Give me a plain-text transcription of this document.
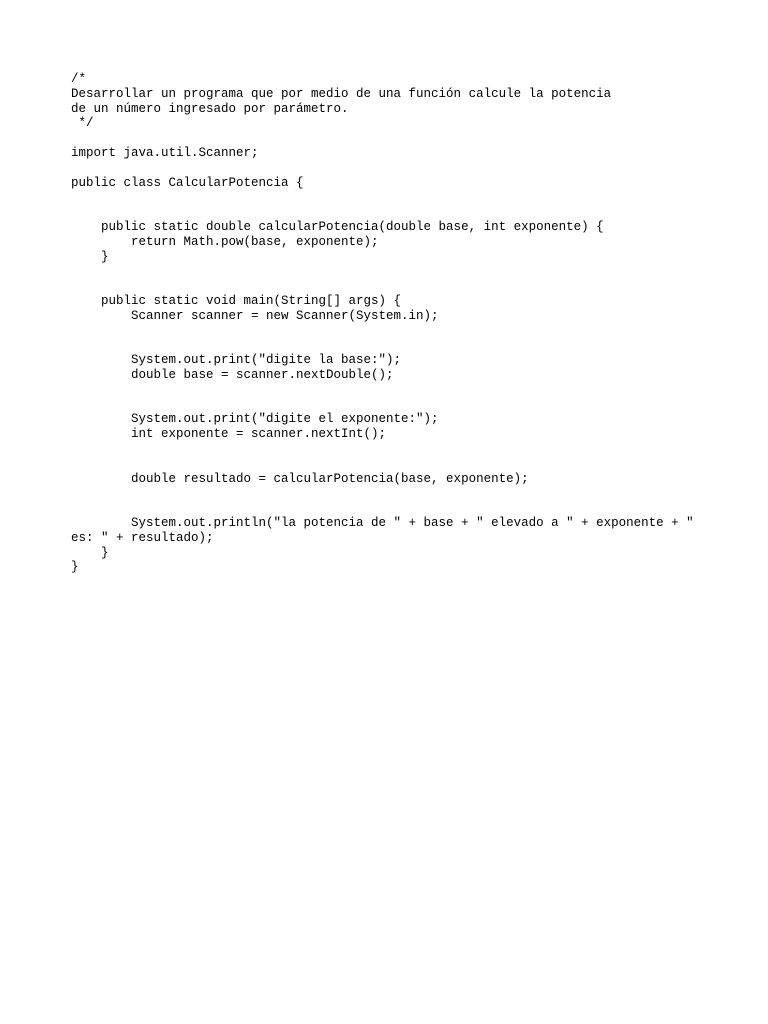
/*
Desarrollar un programa que por medio de una función calcule la potencia
de un número ingresado por parámetro.
*/
import java.util.Scanner;
public class CalcularPotencia {
public static double calcularPotencia(double base, int exponente) {
return Math.pow(base, exponente);
}
public static void main(String[] args) {
Scanner scanner = new Scanner(System.in);
System.out.print("digite la base:");
double base = scanner.nextDouble();
System.out.print("digite el exponente:");
int exponente = scanner.nextInt();
double resultado = calcularPotencia(base, exponente);
System.out.println("la potencia de " + base + " elevado a " + exponente + "
es: " + resultado);
}
}
